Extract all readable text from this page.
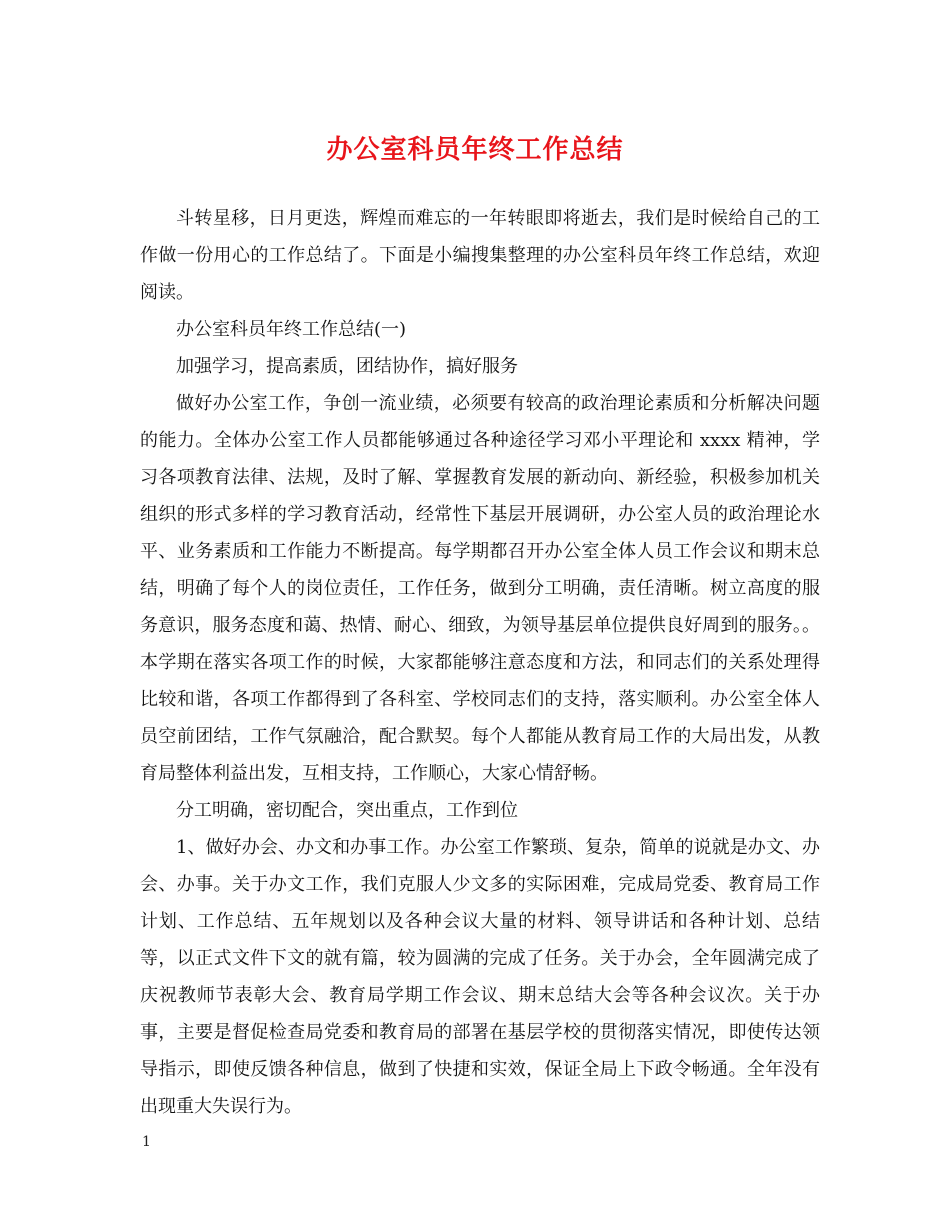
办公室科员年终工作总结

斗转星移，日月更迭，辉煌而难忘的一年转眼即将逝去，我们是时候给自己的工作做一份用心的工作总结了。下面是小编搜集整理的办公室科员年终工作总结，欢迎阅读。

办公室科员年终工作总结(一)

加强学习，提高素质，团结协作，搞好服务

做好办公室工作，争创一流业绩，必须要有较高的政治理论素质和分析解决问题的能力。全体办公室工作人员都能够通过各种途径学习邓小平理论和 xxxx 精神，学习各项教育法律、法规，及时了解、掌握教育发展的新动向、新经验，积极参加机关组织的形式多样的学习教育活动，经常性下基层开展调研，办公室人员的政治理论水平、业务素质和工作能力不断提高。每学期都召开办公室全体人员工作会议和期末总结，明确了每个人的岗位责任，工作任务，做到分工明确，责任清晰。树立高度的服务意识，服务态度和蔼、热情、耐心、细致，为领导基层单位提供良好周到的服务。。本学期在落实各项工作的时候，大家都能够注意态度和方法，和同志们的关系处理得比较和谐，各项工作都得到了各科室、学校同志们的支持，落实顺利。办公室全体人员空前团结，工作气氛融洽，配合默契。每个人都能从教育局工作的大局出发，从教育局整体利益出发，互相支持，工作顺心，大家心情舒畅。

分工明确，密切配合，突出重点，工作到位

1、做好办会、办文和办事工作。办公室工作繁琐、复杂，简单的说就是办文、办会、办事。关于办文工作，我们克服人少文多的实际困难，完成局党委、教育局工作计划、工作总结、五年规划以及各种会议大量的材料、领导讲话和各种计划、总结等，以正式文件下文的就有篇，较为圆满的完成了任务。关于办会，全年圆满完成了庆祝教师节表彰大会、教育局学期工作会议、期末总结大会等各种会议次。关于办事，主要是督促检查局党委和教育局的部署在基层学校的贯彻落实情况，即使传达领导指示，即使反馈各种信息，做到了快捷和实效，保证全局上下政令畅通。全年没有出现重大失误行为。

1
